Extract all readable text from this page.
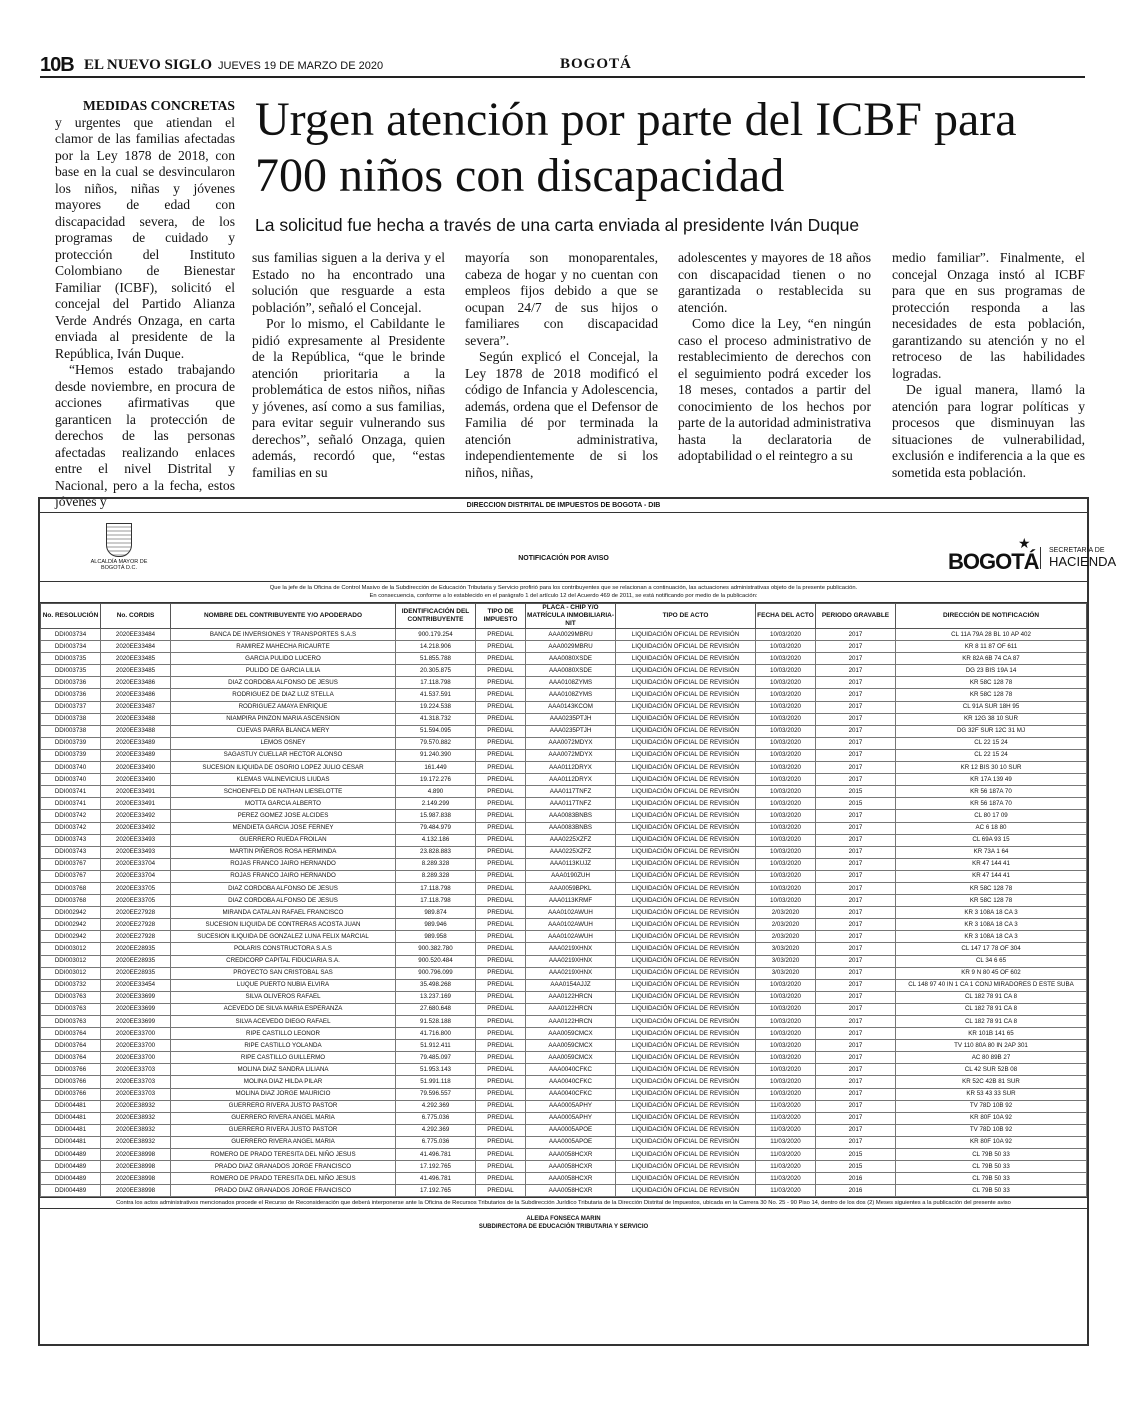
10B EL NUEVO SIGLO JUEVES 19 DE MARZO DE 2020	BOGOTÁ
MEDIDAS CONCRETAS

y urgentes que atiendan el clamor de las familias afectadas por la Ley 1878 de 2018, con base en la cual se desvincularon los niños, niñas y jóvenes mayores de edad con discapacidad severa, de los programas de cuidado y protección del Instituto Colombiano de Bienestar Familiar (ICBF), solicitó el concejal del Partido Alianza Verde Andrés Onzaga, en carta enviada al presidente de la República, Iván Duque.

“Hemos estado trabajando desde noviembre, en procura de acciones afirmativas que garanticen la protección de derechos de las personas afectadas realizando enlaces entre el nivel Distrital y Nacional, pero a la fecha, estos jóvenes y

Urgen atención por parte del ICBF para 700 niños con discapacidad
La solicitud fue hecha a través de una carta enviada al presidente Iván Duque

sus familias siguen a la deriva y el Estado no ha encontrado una solución que resguarde a esta población”, señaló el Concejal.

Por lo mismo, el Cabildante le pidió expresamente al Presidente de la República, “que le brinde atención prioritaria a la problemática de estos niños, niñas y jóvenes, así como a sus familias, para evitar seguir vulnerando sus derechos”, señaló Onzaga, quien además, recordó que, “estas familias en su

mayoría son monoparentales, cabeza de hogar y no cuentan con empleos fijos debido a que se ocupan 24/7 de sus hijos o familiares con discapacidad severa”.

Según explicó el Concejal, la Ley 1878 de 2018 modificó el código de Infancia y Adolescencia, además, ordena que el Defensor de Familia dé por terminada la atención administrativa, independientemente de si los niños, niñas,

adolescentes y mayores de 18 años con discapacidad tienen o no garantizada o restablecida su atención.

Como dice la Ley, “en ningún caso el proceso administrativo de restablecimiento de derechos con el seguimiento podrá exceder los 18 meses, contados a partir del conocimiento de los hechos por parte de la autoridad administrativa hasta la declaratoria de adoptabilidad o el reintegro a su

medio familiar”. Finalmente, el concejal Onzaga instó al ICBF para que en sus programas de protección responda a las necesidades de esta población, garantizando su atención y no el retroceso de las habilidades logradas.

De igual manera, llamó la atención para lograr políticas y procesos que disminuyan las situaciones de vulnerabilidad, exclusión e indiferencia a la que es sometida esta población.

DIRECCION DISTRITAL DE IMPUESTOS DE BOGOTA - DIB
ALCALDÍA MAYOR DE BOGOTÁ D.C.
NOTIFICACIÓN POR AVISO	BOGOTÁ
★	SECRETARÍA DE
HACIENDA
Que la jefe de la Oficina de Control Masivo de la Subdirección de Educación Tributaria y Servicio profirió para los contribuyentes que se relacionan a continuación, las actuaciones administrativas objeto de la presente publicación.
En consecuencia, conforme a lo establecido en el parágrafo 1 del artículo 12 del Acuerdo 469 de 2011, se está notificando por medio de la publicación:
No. RESOLUCIÓN	No. CORDIS	NOMBRE DEL CONTRIBUYENTE Y/O APODERADO	IDENTIFICACIÓN DEL CONTRIBUYENTE	TIPO DE IMPUESTO	PLACA - CHIP Y/O MATRÍCULA INMOBILIARIA-NIT	TIPO DE ACTO	FECHA DEL ACTO	PERIODO GRAVABLE	DIRECCIÓN DE NOTIFICACIÓN
DDI003734	2020EE33484	BANCA DE INVERSIONES Y TRANSPORTES S.A.S	900.179.254	PREDIAL	AAA0029MBRU	LIQUIDACIÓN OFICIAL DE REVISIÓN	10/03/2020	2017	CL 11A 79A 28 BL 10 AP 402
DDI003734	2020EE33484	RAMIREZ MAHECHA RICAURTE	14.218.906	PREDIAL	AAA0029MBRU	LIQUIDACIÓN OFICIAL DE REVISIÓN	10/03/2020	2017	KR 8 11 87 OF 611
DDI003735	2020EE33485	GARCIA PULIDO LUCERO	51.855.788	PREDIAL	AAA0080XSDE	LIQUIDACIÓN OFICIAL DE REVISIÓN	10/03/2020	2017	KR 82A 6B 74 CA 87
DDI003735	2020EE33485	PULIDO DE GARCIA LILIA	20.305.875	PREDIAL	AAA0080XSDE	LIQUIDACIÓN OFICIAL DE REVISIÓN	10/03/2020	2017	DG 23 BIS 19A 14
DDI003736	2020EE33486	DIAZ CORDOBA ALFONSO DE JESUS	17.118.798	PREDIAL	AAA0108ZYMS	LIQUIDACIÓN OFICIAL DE REVISIÓN	10/03/2020	2017	KR 58C 128 78
DDI003736	2020EE33486	RODRIGUEZ DE DIAZ LUZ STELLA	41.537.591	PREDIAL	AAA0108ZYMS	LIQUIDACIÓN OFICIAL DE REVISIÓN	10/03/2020	2017	KR 58C 128 78
DDI003737	2020EE33487	RODRIGUEZ AMAYA ENRIQUE	19.224.538	PREDIAL	AAA0143KCOM	LIQUIDACIÓN OFICIAL DE REVISIÓN	10/03/2020	2017	CL 91A SUR 18H 95
DDI003738	2020EE33488	NIAMPIRA PINZON MARIA ASCENSION	41.318.732	PREDIAL	AAA0235PTJH	LIQUIDACIÓN OFICIAL DE REVISIÓN	10/03/2020	2017	KR 12G 38 10 SUR
DDI003738	2020EE33488	CUEVAS PARRA BLANCA MERY	51.594.095	PREDIAL	AAA0235PTJH	LIQUIDACIÓN OFICIAL DE REVISIÓN	10/03/2020	2017	DG 32F SUR 12C 31 MJ
DDI003739	2020EE33489	LEMOS OSNEY	79.570.882	PREDIAL	AAA0072MDYX	LIQUIDACIÓN OFICIAL DE REVISIÓN	10/03/2020	2017	CL 22 15 24
DDI003739	2020EE33489	SAGASTUY CUELLAR HECTOR ALONSO	91.240.390	PREDIAL	AAA0072MDYX	LIQUIDACIÓN OFICIAL DE REVISIÓN	10/03/2020	2017	CL 22 15 24
DDI003740	2020EE33490	SUCESION ILIQUIDA DE OSORIO LOPEZ JULIO CESAR	161.449	PREDIAL	AAA0112DRYX	LIQUIDACIÓN OFICIAL DE REVISIÓN	10/03/2020	2017	KR 12 BIS 30 10 SUR
DDI003740	2020EE33490	KLEMAS VALINEVICIUS LIUDAS	19.172.276	PREDIAL	AAA0112DRYX	LIQUIDACIÓN OFICIAL DE REVISIÓN	10/03/2020	2017	KR 17A 139 49
DDI003741	2020EE33491	SCHOENFELD DE NATHAN LIESELOTTE	4.890	PREDIAL	AAA0117TNFZ	LIQUIDACIÓN OFICIAL DE REVISIÓN	10/03/2020	2015	KR 56 187A 70
DDI003741	2020EE33491	MOTTA GARCIA ALBERTO	2.149.299	PREDIAL	AAA0117TNFZ	LIQUIDACIÓN OFICIAL DE REVISIÓN	10/03/2020	2015	KR 56 187A 70
DDI003742	2020EE33492	PEREZ GOMEZ JOSE ALCIDES	15.987.838	PREDIAL	AAA0083BNBS	LIQUIDACIÓN OFICIAL DE REVISIÓN	10/03/2020	2017	CL 80 17 09
DDI003742	2020EE33492	MENDIETA GARCIA JOSE FERNEY	79.484.979	PREDIAL	AAA0083BNBS	LIQUIDACIÓN OFICIAL DE REVISIÓN	10/03/2020	2017	AC 6 18 80
DDI003743	2020EE33493	GUERRERO RUEDA FROILAN	4.132.186	PREDIAL	AAA0225XZFZ	LIQUIDACIÓN OFICIAL DE REVISIÓN	10/03/2020	2017	CL 69A 93 15
DDI003743	2020EE33493	MARTIN PIÑEROS ROSA HERMINDA	23.828.883	PREDIAL	AAA0225XZFZ	LIQUIDACIÓN OFICIAL DE REVISIÓN	10/03/2020	2017	KR 73A 1 64
DDI003767	2020EE33704	ROJAS FRANCO JAIRO HERNANDO	8.289.328	PREDIAL	AAA0113KUJZ	LIQUIDACIÓN OFICIAL DE REVISIÓN	10/03/2020	2017	KR 47 144 41
DDI003767	2020EE33704	ROJAS FRANCO JAIRO HERNANDO	8.289.328	PREDIAL	AAA0190ZUH	LIQUIDACIÓN OFICIAL DE REVISIÓN	10/03/2020	2017	KR 47 144 41
DDI003768	2020EE33705	DIAZ CORDOBA ALFONSO DE JESUS	17.118.798	PREDIAL	AAA0059BPKL	LIQUIDACIÓN OFICIAL DE REVISIÓN	10/03/2020	2017	KR 58C 128 78
DDI003768	2020EE33705	DIAZ CORDOBA ALFONSO DE JESUS	17.118.798	PREDIAL	AAA0113KRMF	LIQUIDACIÓN OFICIAL DE REVISIÓN	10/03/2020	2017	KR 58C 128 78
DDI002942	2020EE27928	MIRANDA CATALAN RAFAEL FRANCISCO	989.874	PREDIAL	AAA0102AWUH	LIQUIDACIÓN OFICIAL DE REVISIÓN	2/03/2020	2017	KR 3 108A 18 CA 3
DDI002942	2020EE27928	SUCESION ILIQUIDA DE CONTRERAS ACOSTA JUAN	989.946	PREDIAL	AAA0102AWUH	LIQUIDACIÓN OFICIAL DE REVISIÓN	2/03/2020	2017	KR 3 108A 18 CA 3
DDI002942	2020EE27928	SUCESION ILIQUIDA DE GONZALEZ LUNA FELIX MARCIAL	989.958	PREDIAL	AAA0102AWUH	LIQUIDACIÓN OFICIAL DE REVISIÓN	2/03/2020	2017	KR 3 108A 18 CA 3
DDI003012	2020EE28935	POLARIS CONSTRUCTORA S.A.S	900.382.780	PREDIAL	AAA0219XHNX	LIQUIDACIÓN OFICIAL DE REVISIÓN	3/03/2020	2017	CL 147 17 78 OF 304
DDI003012	2020EE28935	CREDICORP CAPITAL FIDUCIARIA S.A.	900.520.484	PREDIAL	AAA0219XHNX	LIQUIDACIÓN OFICIAL DE REVISIÓN	3/03/2020	2017	CL 34 6 65
DDI003012	2020EE28935	PROYECTO SAN CRISTOBAL SAS	900.796.099	PREDIAL	AAA0219XHNX	LIQUIDACIÓN OFICIAL DE REVISIÓN	3/03/2020	2017	KR 9 N 80 45 OF 602
DDI003732	2020EE33454	LUQUE PUERTO NUBIA ELVIRA	35.498.268	PREDIAL	AAA0154AJJZ	LIQUIDACIÓN OFICIAL DE REVISIÓN	10/03/2020	2017	CL 148 97 40 IN 1 CA 1 CONJ MIRADORES D ESTE SUBA
DDI003763	2020EE33699	SILVA OLIVEROS RAFAEL	13.237.169	PREDIAL	AAA0122HRCN	LIQUIDACIÓN OFICIAL DE REVISIÓN	10/03/2020	2017	CL 182 78 91 CA 8
DDI003763	2020EE33699	ACEVEDO DE SILVA MARIA ESPERANZA	27.680.648	PREDIAL	AAA0122HRCN	LIQUIDACIÓN OFICIAL DE REVISIÓN	10/03/2020	2017	CL 182 78 91 CA 8
DDI003763	2020EE33699	SILVA ACEVEDO DIEGO RAFAEL	91.528.188	PREDIAL	AAA0122HRCN	LIQUIDACIÓN OFICIAL DE REVISIÓN	10/03/2020	2017	CL 182 78 91 CA 8
DDI003764	2020EE33700	RIPE CASTILLO LEONOR	41.716.800	PREDIAL	AAA0059CMCX	LIQUIDACIÓN OFICIAL DE REVISIÓN	10/03/2020	2017	KR 101B 141 65
DDI003764	2020EE33700	RIPE CASTILLO YOLANDA	51.912.411	PREDIAL	AAA0059CMCX	LIQUIDACIÓN OFICIAL DE REVISIÓN	10/03/2020	2017	TV 110 80A 80 IN 2AP 301
DDI003764	2020EE33700	RIPE CASTILLO GUILLERMO	79.485.097	PREDIAL	AAA0059CMCX	LIQUIDACIÓN OFICIAL DE REVISIÓN	10/03/2020	2017	AC 80 89B 27
DDI003766	2020EE33703	MOLINA DIAZ SANDRA LILIANA	51.953.143	PREDIAL	AAA0040CFKC	LIQUIDACIÓN OFICIAL DE REVISIÓN	10/03/2020	2017	CL 42 SUR 52B 08
DDI003766	2020EE33703	MOLINA DIAZ HILDA PILAR	51.991.118	PREDIAL	AAA0040CFKC	LIQUIDACIÓN OFICIAL DE REVISIÓN	10/03/2020	2017	KR 52C 42B 81 SUR
DDI003766	2020EE33703	MOLINA DIAZ JORGE MAURICIO	79.596.557	PREDIAL	AAA0040CFKC	LIQUIDACIÓN OFICIAL DE REVISIÓN	10/03/2020	2017	KR 53 43 33 SUR
DDI004481	2020EE38932	GUERRERO RIVERA JUSTO PASTOR	4.292.369	PREDIAL	AAA0005APHY	LIQUIDACIÓN OFICIAL DE REVISIÓN	11/03/2020	2017	TV 78D 10B 92
DDI004481	2020EE38932	GUERRERO RIVERA ANGEL MARIA	6.775.036	PREDIAL	AAA0005APHY	LIQUIDACIÓN OFICIAL DE REVISIÓN	11/03/2020	2017	KR 80F 10A 92
DDI004481	2020EE38932	GUERRERO RIVERA JUSTO PASTOR	4.292.369	PREDIAL	AAA0005APOE	LIQUIDACIÓN OFICIAL DE REVISIÓN	11/03/2020	2017	TV 78D 10B 92
DDI004481	2020EE38932	GUERRERO RIVERA ANGEL MARIA	6.775.036	PREDIAL	AAA0005APOE	LIQUIDACIÓN OFICIAL DE REVISIÓN	11/03/2020	2017	KR 80F 10A 92
DDI004489	2020EE38998	ROMERO DE PRADO TERESITA DEL NIÑO JESUS	41.496.781	PREDIAL	AAA0058HCXR	LIQUIDACIÓN OFICIAL DE REVISIÓN	11/03/2020	2015	CL 79B 50 33
DDI004489	2020EE38998	PRADO DIAZ GRANADOS JORGE FRANCISCO	17.192.765	PREDIAL	AAA0058HCXR	LIQUIDACIÓN OFICIAL DE REVISIÓN	11/03/2020	2015	CL 79B 50 33
DDI004489	2020EE38998	ROMERO DE PRADO TERESITA DEL NIÑO JESUS	41.496.781	PREDIAL	AAA0058HCXR	LIQUIDACIÓN OFICIAL DE REVISIÓN	11/03/2020	2016	CL 79B 50 33
DDI004489	2020EE38998	PRADO DIAZ GRANADOS JORGE FRANCISCO	17.192.765	PREDIAL	AAA0058HCXR	LIQUIDACIÓN OFICIAL DE REVISIÓN	11/03/2020	2016	CL 79B 50 33
Contra los actos administrativos mencionados procede el Recurso de Reconsideración que deberá interponerse ante la Oficina de Recursos Tributarios de la Subdirección Jurídico Tributaria de la Dirección Distrital de Impuestos, ubicada en la Carrera 30 No. 25 - 90 Piso 14, dentro de los dos (2) Meses siguientes a la publicación del presente aviso
ALEIDA FONSECA MARIN
SUBDIRECTORA DE EDUCACIÓN TRIBUTARIA Y SERVICIO
